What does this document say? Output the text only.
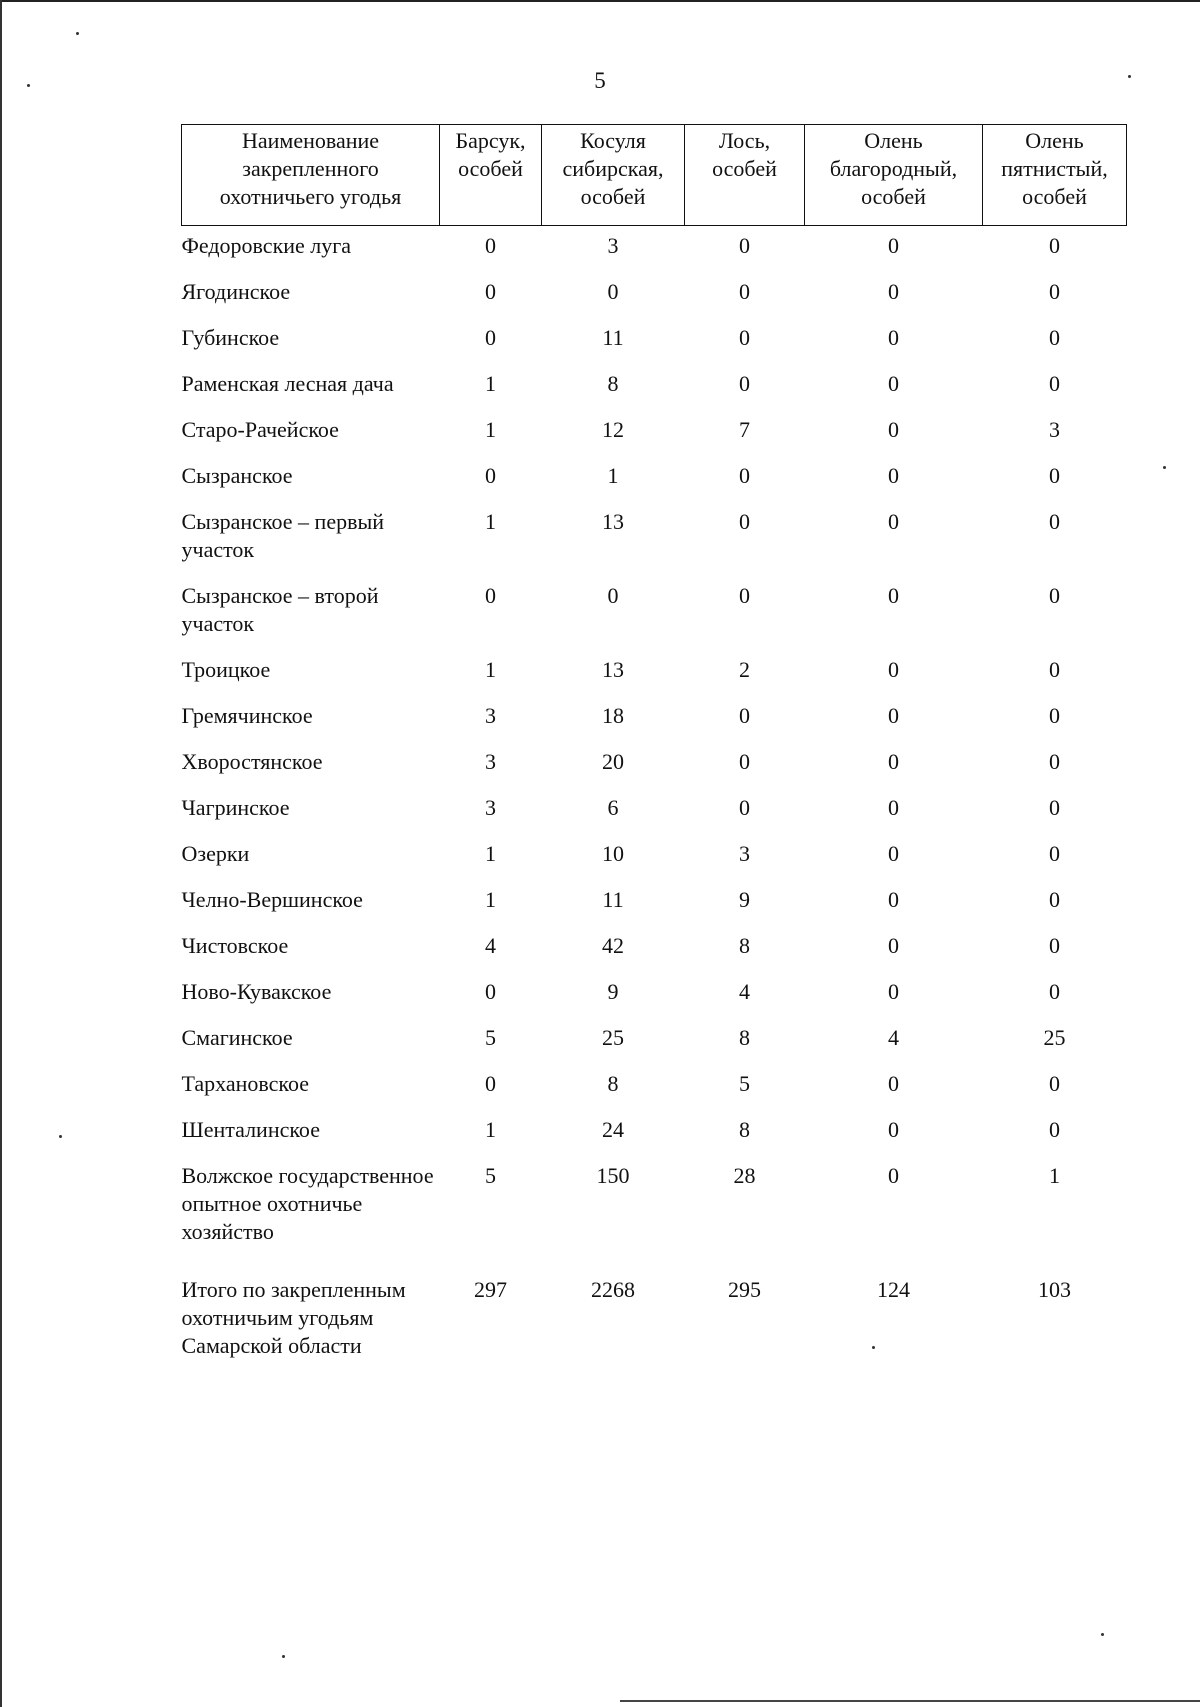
5
Наименование закрепленного охотничьего угодья	Барсук, особей	Косуля сибирская, особей	Лось, особей	Олень благородный, особей	Олень пятнистый, особей
Федоровские луга	0	3	0	0	0
Ягодинское	0	0	0	0	0
Губинское	0	11	0	0	0
Раменская лесная дача	1	8	0	0	0
Старо-Рачейское	1	12	7	0	3
Сызранское	0	1	0	0	0
Сызранское – первый участок	1	13	0	0	0
Сызранское – второй участок	0	0	0	0	0
Троицкое	1	13	2	0	0
Гремячинское	3	18	0	0	0
Хворостянское	3	20	0	0	0
Чагринское	3	6	0	0	0
Озерки	1	10	3	0	0
Челно-Вершинское	1	11	9	0	0
Чистовское	4	42	8	0	0
Ново-Кувакское	0	9	4	0	0
Смагинское	5	25	8	4	25
Тархановское	0	8	5	0	0
Шенталинское	1	24	8	0	0
Волжское государственное опытное охотничье хозяйство	5	150	28	0	1
Итого по закрепленным охотничьим угодьям Самарской области	297	2268	295	124	103
